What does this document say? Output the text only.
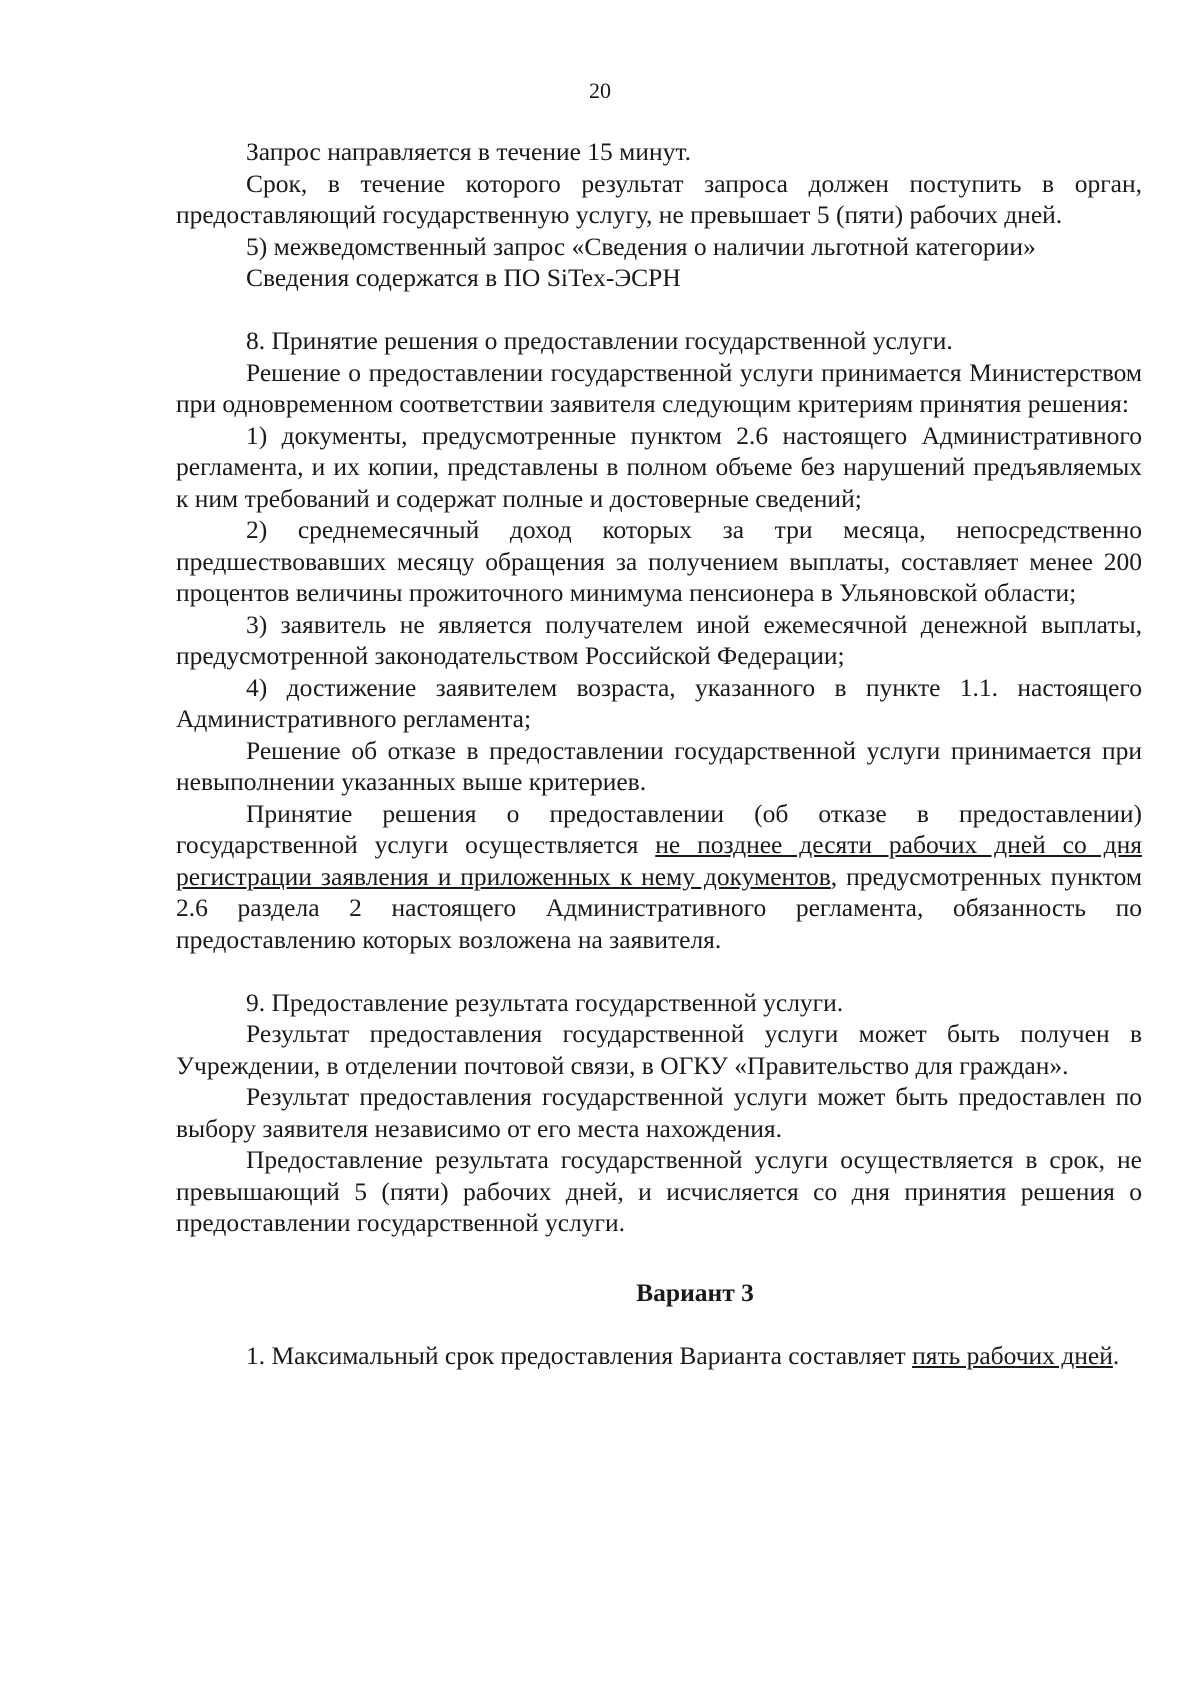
20

Запрос направляется в течение 15 минут.

Срок, в течение которого результат запроса должен поступить в орган, предоставляющий государственную услугу, не превышает 5 (пяти) рабочих дней.

5) межведомственный запрос «Сведения о наличии льготной категории»

Сведения содержатся в ПО SiTex-ЭСРН

8. Принятие решения о предоставлении государственной услуги.

Решение о предоставлении государственной услуги принимается Министерством при одновременном соответствии заявителя следующим критериям принятия решения:

1) документы, предусмотренные пунктом 2.6 настоящего Административного регламента, и их копии, представлены в полном объеме без нарушений предъявляемых к ним требований и содержат полные и достоверные сведений;

2) среднемесячный доход которых за три месяца, непосредственно предшествовавших месяцу обращения за получением выплаты, составляет менее 200 процентов величины прожиточного минимума пенсионера в Ульяновской области;

3) заявитель не является получателем иной ежемесячной денежной выплаты, предусмотренной законодательством Российской Федерации;

4) достижение заявителем возраста, указанного в пункте 1.1. настоящего Административного регламента;

Решение об отказе в предоставлении государственной услуги принимается при невыполнении указанных выше критериев.

Принятие решения о предоставлении (об отказе в предоставлении) государственной услуги осуществляется не позднее десяти рабочих дней со дня регистрации заявления и приложенных к нему документов, предусмотренных пунктом 2.6 раздела 2 настоящего Административного регламента, обязанность по предоставлению которых возложена на заявителя.

9. Предоставление результата государственной услуги.

Результат предоставления государственной услуги может быть получен в Учреждении, в отделении почтовой связи, в ОГКУ «Правительство для граждан».

Результат предоставления государственной услуги может быть предоставлен по выбору заявителя независимо от его места нахождения.

Предоставление результата государственной услуги осуществляется в срок, не превышающий 5 (пяти) рабочих дней, и исчисляется со дня принятия решения о предоставлении государственной услуги.

Вариант 3

1. Максимальный срок предоставления Варианта составляет пять рабочих дней.
